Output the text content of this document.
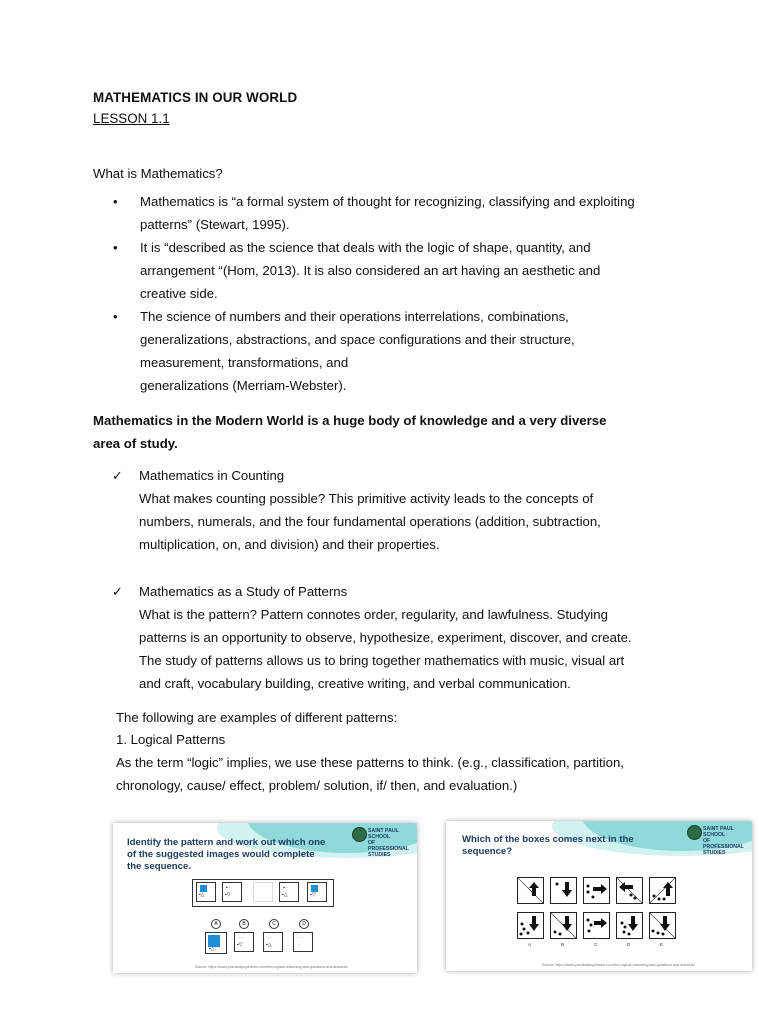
MATHEMATICS IN OUR WORLD
LESSON 1.1
What is Mathematics?
•	Mathematics is “a formal system of thought for recognizing, classifying and exploiting
patterns” (Stewart, 1995).
•	It is “described as the science that deals with the logic of shape, quantity, and
arrangement “(Hom, 2013). It is also considered an art having an aesthetic and
creative side.
•	The science of numbers and their operations interrelations, combinations,
generalizations, abstractions, and space configurations and their structure,
measurement, transformations, and
generalizations (Merriam-Webster).
Mathematics in the Modern World is a huge body of knowledge and a very diverse
area of study.
✓	Mathematics in Counting
What makes counting possible? This primitive activity leads to the concepts of
numbers, numerals, and the four fundamental operations (addition, subtraction,
multiplication, on, and division) and their properties.
✓	Mathematics as a Study of Patterns
What is the pattern? Pattern connotes order, regularity, and lawfulness. Studying
patterns is an opportunity to observe, hypothesize, experiment, discover, and create.
The study of patterns allows us to bring together mathematics with music, visual art
and craft, vocabulary building, creative writing, and verbal communication.
The following are examples of different patterns:
1. Logical Patterns
As the term “logic” implies, we use these patterns to think. (e.g., classification, partition,
chronology, cause/ effect, problem/ solution, if/ then, and evaluation.)
SAINT PAUL SCHOOL
OF PROFESSIONAL STUDIES
Identify the pattern and work out which one
of the suggested images would complete
the sequence.
▪△
▪ ·
▪▽
▪ ·
▪△	▪▽
A	B	C	D
▪△
· ·
▪▽
· ·
▪△
· ·
·
Source: https://www.practicalpsychtests.com/free-logical-reasoning-test-questions-and-answers/
SAINT PAUL SCHOOL
OF PROFESSIONAL STUDIES
Which of the boxes comes next in the
sequence?
A	B	C	D	E
Source: https://www.practicalpsychtests.com/free-logical-reasoning-test-questions-and-answers/
